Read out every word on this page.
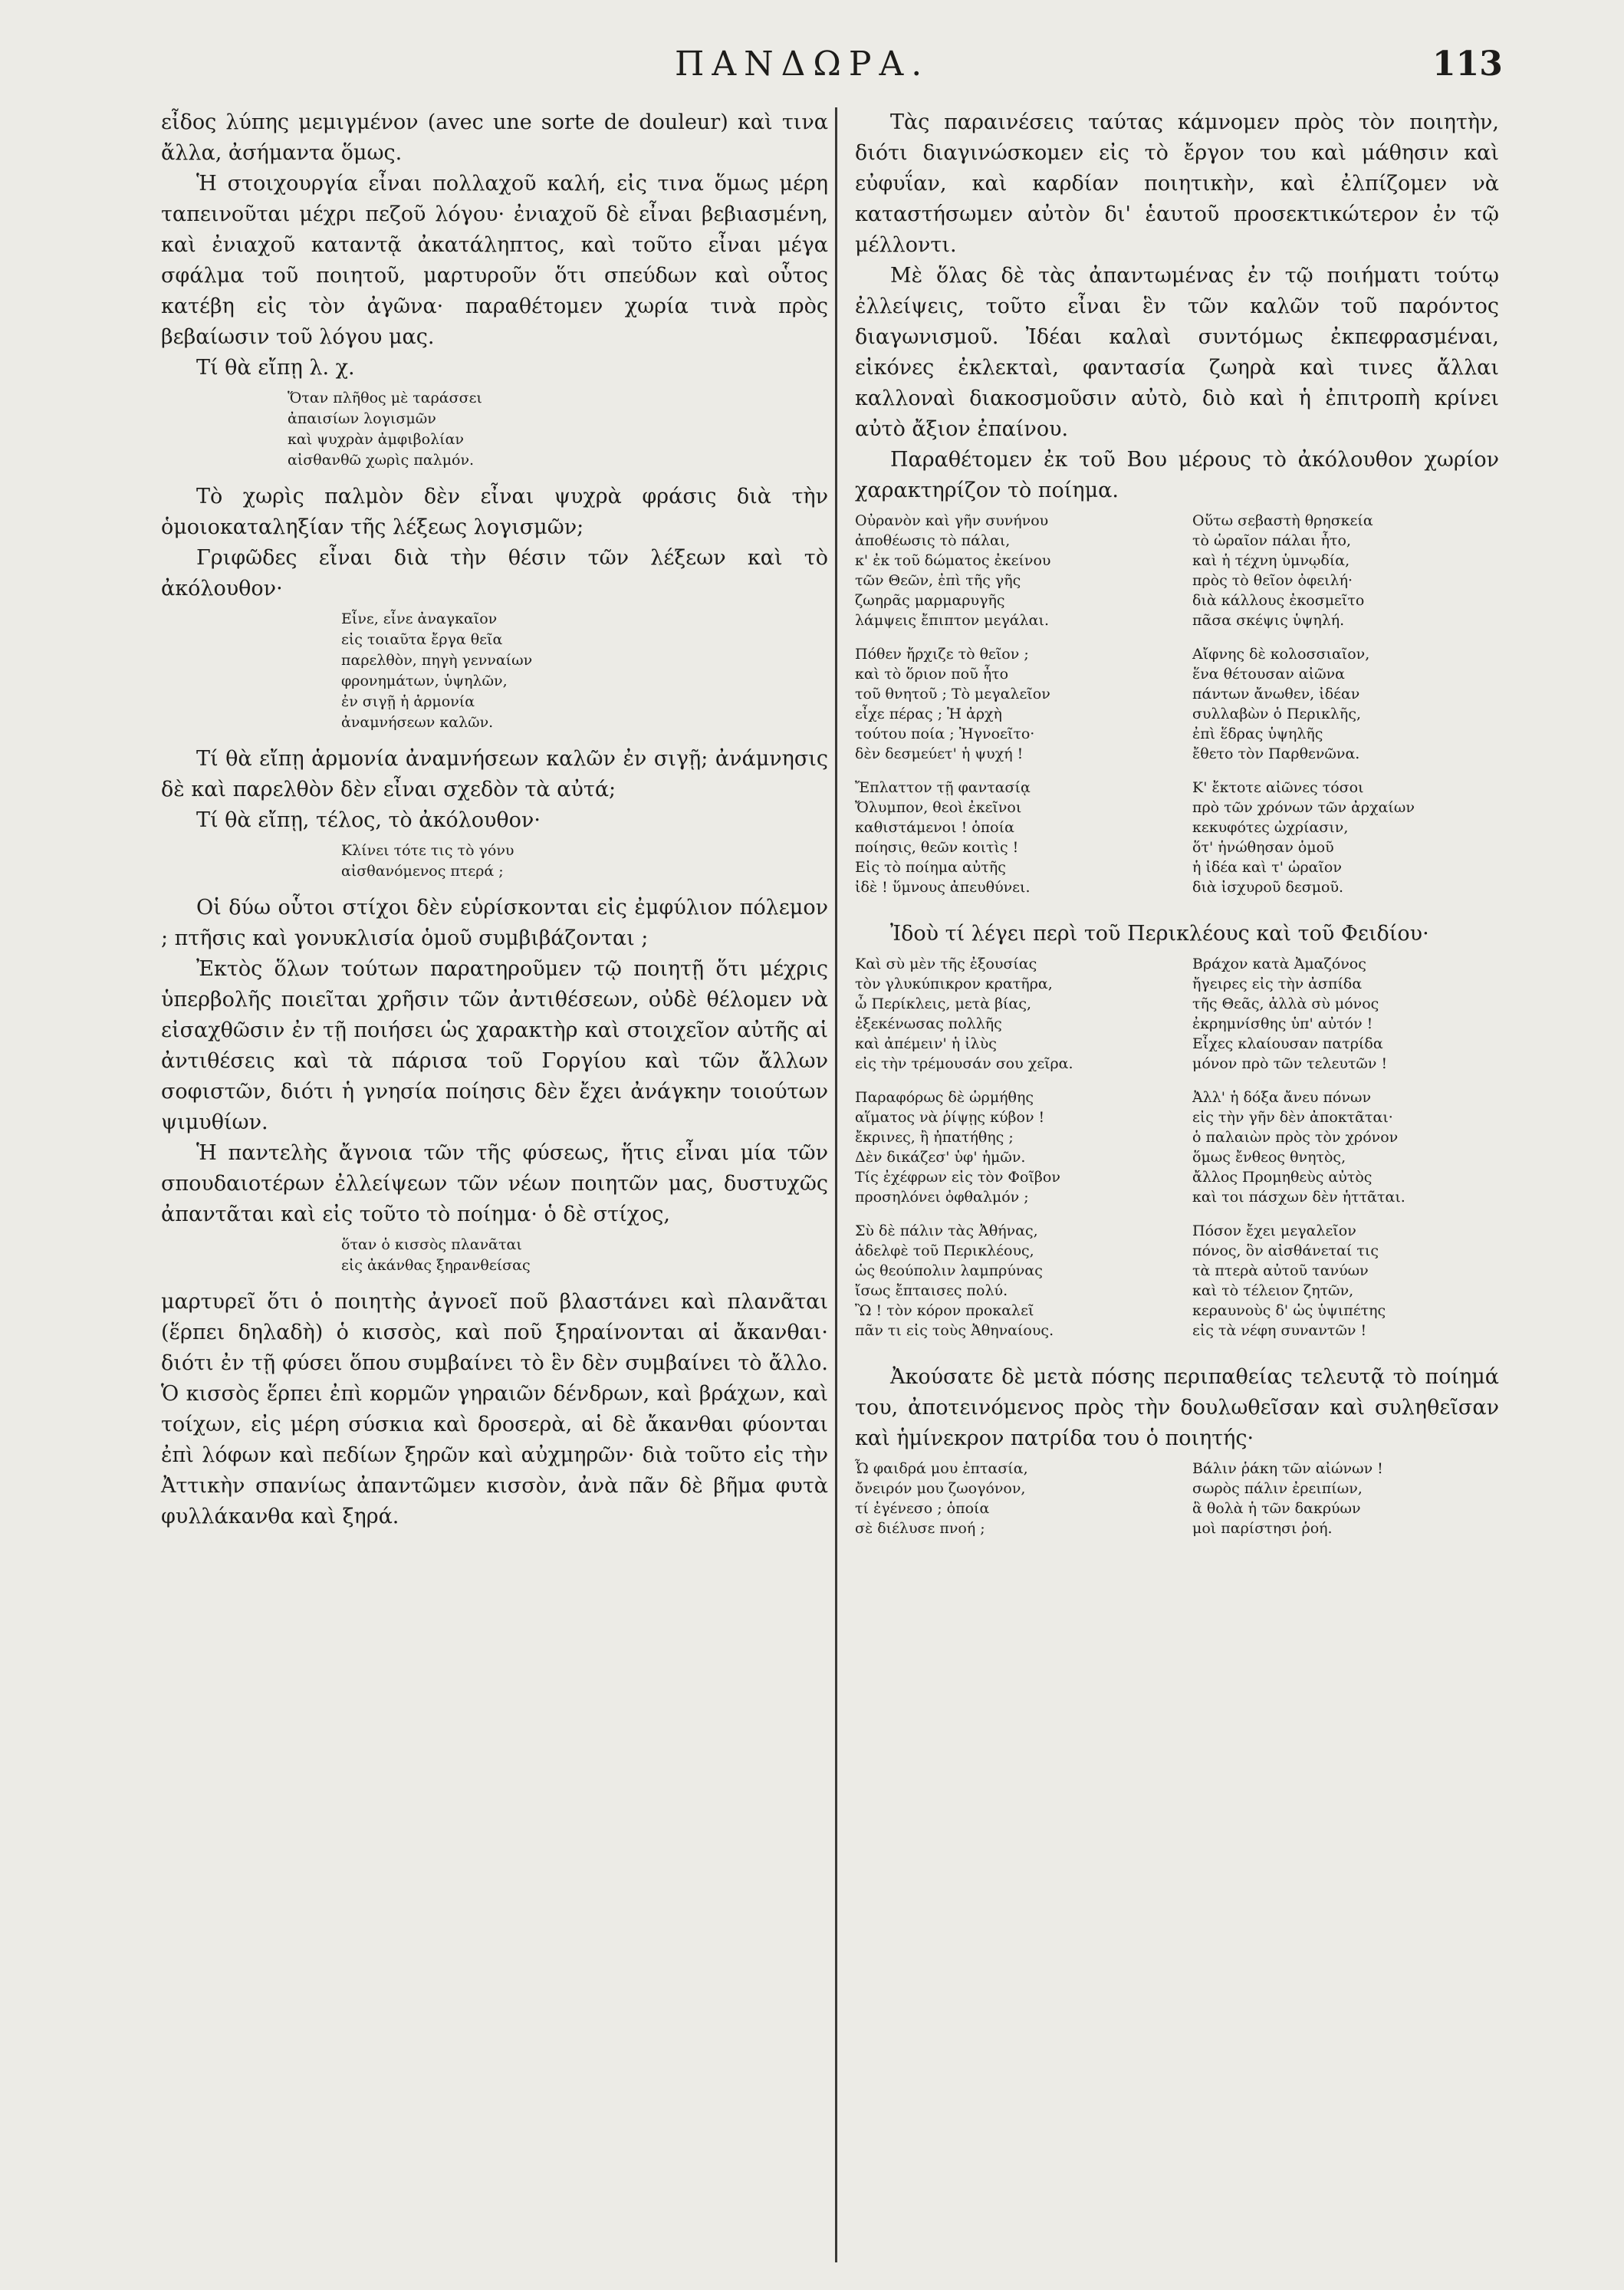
ΠΑΝΔΩΡΑ.	113

εἶδος λύπης μεμιγμένον (avec une sorte de douleur) καὶ τινα ἄλλα, ἀσήμαντα ὅμως.

Ἡ στοιχουργία εἶναι πολλαχοῦ καλή, εἰς τινα ὅμως μέρη ταπεινοῦται μέχρι πεζοῦ λόγου· ἐνιαχοῦ δὲ εἶναι βεβιασμένη, καὶ ἐνιαχοῦ καταντᾷ ἀκατάληπτος, καὶ τοῦτο εἶναι μέγα σφάλμα τοῦ ποιητοῦ, μαρτυροῦν ὅτι σπεύδων καὶ οὗτος κατέβη εἰς τὸν ἀγῶνα· παραθέτομεν χωρία τινὰ πρὸς βεβαίωσιν τοῦ λόγου μας.

Τί θὰ εἴπῃ λ. χ.

Ὅταν πλῆθος μὲ ταράσσει
ἀπαισίων λογισμῶν
καὶ ψυχρὰν ἀμφιβολίαν
αἰσθανθῶ χωρὶς παλμόν.

Τὸ χωρὶς παλμὸν δὲν εἶναι ψυχρὰ φράσις διὰ τὴν ὁμοιοκαταληξίαν τῆς λέξεως λογισμῶν;

Γριφῶδες εἶναι διὰ τὴν θέσιν τῶν λέξεων καὶ τὸ ἀκόλουθον·

Εἶνε, εἶνε ἀναγκαῖον
εἰς τοιαῦτα ἔργα θεῖα
παρελθὸν, πηγὴ γενναίων
φρονημάτων, ὑψηλῶν,
ἐν σιγῇ ἡ ἁρμονία
ἀναμνήσεων καλῶν.

Τί θὰ εἴπῃ ἁρμονία ἀναμνήσεων καλῶν ἐν σιγῇ; ἀνάμνησις δὲ καὶ παρελθὸν δὲν εἶναι σχεδὸν τὰ αὐτά;

Τί θὰ εἴπῃ, τέλος, τὸ ἀκόλουθον·

Κλίνει τότε τις τὸ γόνυ
αἰσθανόμενος πτερά ;

Οἱ δύω οὗτοι στίχοι δὲν εὑρίσκονται εἰς ἐμφύλιον πόλεμον ; πτῆσις καὶ γονυκλισία ὁμοῦ συμβιβάζονται ;

Ἐκτὸς ὅλων τούτων παρατηροῦμεν τῷ ποιητῇ ὅτι μέχρις ὑπερβολῆς ποιεῖται χρῆσιν τῶν ἀντιθέσεων, οὐδὲ θέλομεν νὰ εἰσαχθῶσιν ἐν τῇ ποιήσει ὡς χαρακτὴρ καὶ στοιχεῖον αὐτῆς αἱ ἀντιθέσεις καὶ τὰ πάρισα τοῦ Γοργίου καὶ τῶν ἄλλων σοφιστῶν, διότι ἡ γνησία ποίησις δὲν ἔχει ἀνάγκην τοιούτων ψιμυθίων.

Ἡ παντελὴς ἄγνοια τῶν τῆς φύσεως, ἥτις εἶναι μία τῶν σπουδαιοτέρων ἐλλείψεων τῶν νέων ποιητῶν μας, δυστυχῶς ἀπαντᾶται καὶ εἰς τοῦτο τὸ ποίημα· ὁ δὲ στίχος,

ὅταν ὁ κισσὸς πλανᾶται
εἰς ἀκάνθας ξηρανθείσας

μαρτυρεῖ ὅτι ὁ ποιητὴς ἀγνοεῖ ποῦ βλαστάνει καὶ πλανᾶται (ἕρπει δηλαδὴ) ὁ κισσὸς, καὶ ποῦ ξηραίνονται αἱ ἄκανθαι· διότι ἐν τῇ φύσει ὅπου συμβαίνει τὸ ἓν δὲν συμβαίνει τὸ ἄλλο. Ὁ κισσὸς ἕρπει ἐπὶ κορμῶν γηραιῶν δένδρων, καὶ βράχων, καὶ τοίχων, εἰς μέρη σύσκια καὶ δροσερὰ, αἱ δὲ ἄκανθαι φύονται ἐπὶ λόφων καὶ πεδίων ξηρῶν καὶ αὐχμηρῶν· διὰ τοῦτο εἰς τὴν Ἀττικὴν σπανίως ἀπαντῶμεν κισσὸν, ἀνὰ πᾶν δὲ βῆμα φυτὰ φυλλάκανθα καὶ ξηρά.

Τὰς παραινέσεις ταύτας κάμνομεν πρὸς τὸν ποιητὴν, διότι διαγινώσκομεν εἰς τὸ ἔργον του καὶ μάθησιν καὶ εὐφυΐαν, καὶ καρδίαν ποιητικὴν, καὶ ἐλπίζομεν νὰ καταστήσωμεν αὐτὸν δι' ἑαυτοῦ προσεκτικώτερον ἐν τῷ μέλλοντι.

Μὲ ὅλας δὲ τὰς ἀπαντωμένας ἐν τῷ ποιήματι τούτῳ ἐλλείψεις, τοῦτο εἶναι ἓν τῶν καλῶν τοῦ παρόντος διαγωνισμοῦ. Ἰδέαι καλαὶ συντόμως ἐκπεφρασμέναι, εἰκόνες ἐκλεκταὶ, φαντασία ζωηρὰ καὶ τινες ἄλλαι καλλοναὶ διακοσμοῦσιν αὐτὸ, διὸ καὶ ἡ ἐπιτροπὴ κρίνει αὐτὸ ἄξιον ἐπαίνου.

Παραθέτομεν ἐκ τοῦ Βου μέρους τὸ ἀκόλουθον χωρίον χαρακτηρίζον τὸ ποίημα.

Οὐρανὸν καὶ γῆν συνήνου
ἀποθέωσις τὸ πάλαι,
κ' ἐκ τοῦ δώματος ἐκείνου
τῶν Θεῶν, ἐπὶ τῆς γῆς
ζωηρᾶς μαρμαρυγῆς
λάμψεις ἔπιπτον μεγάλαι.
Πόθεν ἤρχιζε τὸ θεῖον ;
καὶ τὸ ὅριον ποῦ ἦτο
τοῦ θνητοῦ ; Τὸ μεγαλεῖον
εἶχε πέρας ; Ἡ ἀρχὴ
τούτου ποία ; Ἠγνοεῖτο·
δὲν δεσμεύετ' ἡ ψυχή !
Ἔπλαττον τῇ φαντασίᾳ
Ὄλυμπον, θεοὶ ἐκεῖνοι
καθιστάμενοι ! ὁποία
ποίησις, θεῶν κοιτὶς !
Εἰς τὸ ποίημα αὐτῆς
ἰδὲ ! ὕμνους ἀπευθύνει.
Οὕτω σεβαστὴ θρησκεία
τὸ ὡραῖον πάλαι ἦτο,
καὶ ἡ τέχνη ὑμνῳδία,
πρὸς τὸ θεῖον ὀφειλή·
διὰ κάλλους ἐκοσμεῖτο
πᾶσα σκέψις ὑψηλή.
Αἴφνης δὲ κολοσσιαῖον,
ἕνα θέτουσαν αἰῶνα
πάντων ἄνωθεν, ἰδέαν
συλλαβὼν ὁ Περικλῆς,
ἐπὶ ἕδρας ὑψηλῆς
ἔθετο τὸν Παρθενῶνα.
Κ' ἔκτοτε αἰῶνες τόσοι
πρὸ τῶν χρόνων τῶν ἀρχαίων
κεκυφότες ὠχρίασιν,
ὅτ' ἡνώθησαν ὁμοῦ
ἡ ἰδέα καὶ τ' ὡραῖον
διὰ ἰσχυροῦ δεσμοῦ.

Ἰδοὺ τί λέγει περὶ τοῦ Περικλέους καὶ τοῦ Φειδίου·

Καὶ σὺ μὲν τῆς ἐξουσίας
τὸν γλυκύπικρον κρατῆρα,
ὦ Περίκλεις, μετὰ βίας,
ἐξεκένωσας πολλῆς
καὶ ἀπέμειν' ἡ ἰλὺς
εἰς τὴν τρέμουσάν σου χεῖρα.
Παραφόρως δὲ ὡρμήθης
αἵματος νὰ ῥίψῃς κύβον !
ἔκρινες, ἢ ἠπατήθης ;
Δὲν δικάζεσ' ὑφ' ἡμῶν.
Τίς ἐχέφρων εἰς τὸν Φοῖβον
προσηλόνει ὀφθαλμόν ;
Σὺ δὲ πάλιν τὰς Ἀθήνας,
ἀδελφὲ τοῦ Περικλέους,
ὡς θεούπολιν λαμπρύνας
ἴσως ἔπταισες πολύ.
Ὢ ! τὸν κόρον προκαλεῖ
πᾶν τι εἰς τοὺς Ἀθηναίους.
Βράχον κατὰ Ἀμαζόνος
ἤγειρες εἰς τὴν ἀσπίδα
τῆς Θεᾶς, ἀλλὰ σὺ μόνος
ἐκρημνίσθης ὑπ' αὐτόν !
Εἶχες κλαίουσαν πατρίδα
μόνον πρὸ τῶν τελευτῶν !
Ἀλλ' ἡ δόξα ἄνευ πόνων
εἰς τὴν γῆν δὲν ἀποκτᾶται·
ὁ παλαιὼν πρὸς τὸν χρόνον
ὅμως ἔνθεος θνητὸς,
ἄλλος Προμηθεὺς αὐτὸς
καὶ τοι πάσχων δὲν ἡττᾶται.
Πόσον ἔχει μεγαλεῖον
πόνος, ὃν αἰσθάνεταί τις
τὰ πτερὰ αὐτοῦ τανύων
καὶ τὸ τέλειον ζητῶν,
κεραυνοὺς δ' ὡς ὑψιπέτης
εἰς τὰ νέφη συναντῶν !

Ἀκούσατε δὲ μετὰ πόσης περιπαθείας τελευτᾷ τὸ ποίημά του, ἀποτεινόμενος πρὸς τὴν δουλωθεῖσαν καὶ συληθεῖσαν καὶ ἡμίνεκρον πατρίδα του ὁ ποιητής·

Ὦ φαιδρά μου ἐπτασία,
ὄνειρόν μου ζωογόνον,
τί ἐγένεσο ; ὁποία
σὲ διέλυσε πνοή ;
Βάλιν ῥάκη τῶν αἰώνων !
σωρὸς πάλιν ἐρειπίων,
ἃ θολὰ ἡ τῶν δακρύων
μοὶ παρίστησι ῥοή.
